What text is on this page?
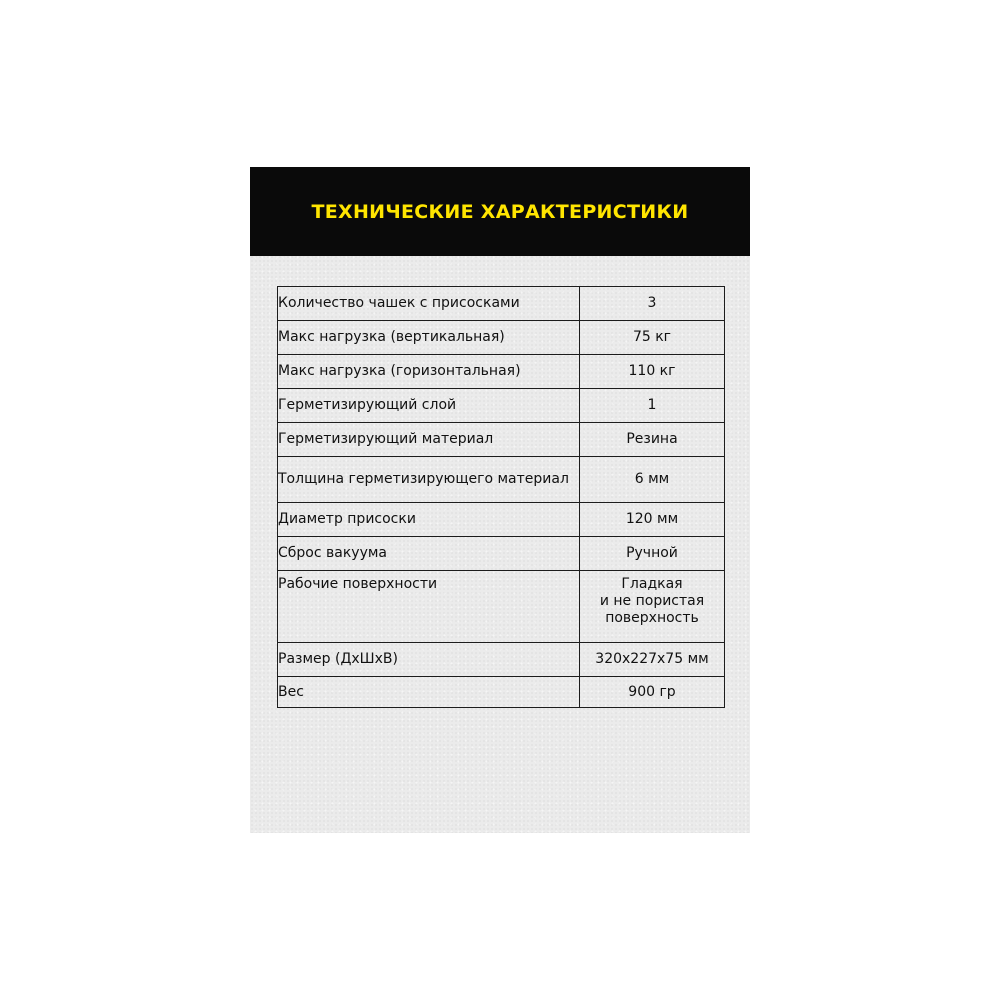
ТЕХНИЧЕСКИЕ ХАРАКТЕРИСТИКИ
Количество чашек с присосками	3
Макс нагрузка (вертикальная)	75 кг
Макс нагрузка (горизонтальная)	110 кг
Герметизирующий слой	1
Герметизирующий материал	Резина
Толщина герметизирующего материал	6 мм
Диаметр присоски	120 мм
Сброс вакуума	Ручной
Рабочие поверхности	Гладкая
и не пористая
поверхность

Размер (ДхШхВ)	320x227x75 мм
Вес	900 гр
